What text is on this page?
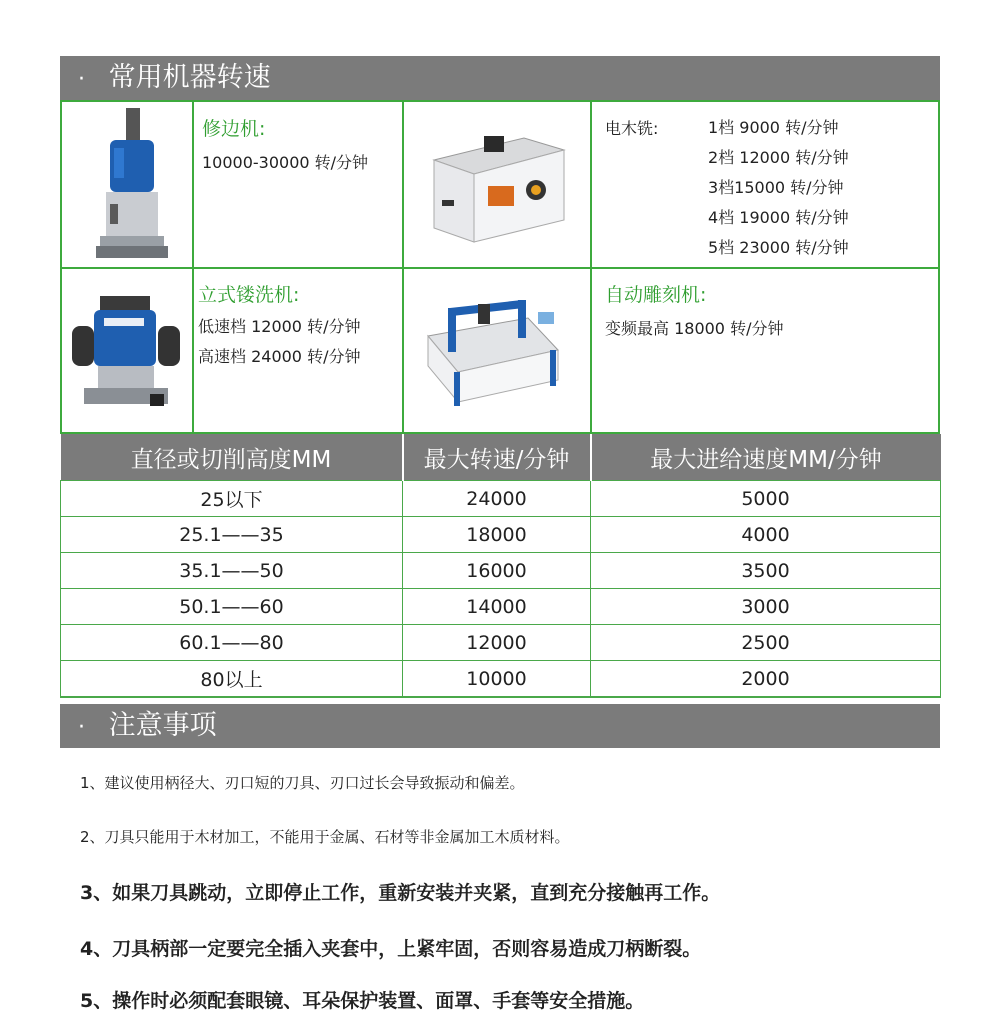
· 常用机器转速
修边机:
10000-30000 转/分钟
电木铣:	1档 9000 转/分钟
2档 12000 转/分钟
3档15000 转/分钟
4档 19000 转/分钟
5档 23000 转/分钟
立式镂洗机:
低速档 12000 转/分钟
高速档 24000 转/分钟
自动雕刻机:
变频最高 18000 转/分钟
直径或切削高度MM	最大转速/分钟	最大进给速度MM/分钟
25以下	24000	5000
25.1——35	18000	4000
35.1——50	16000	3500
50.1——60	14000	3000
60.1——80	12000	2500
80以上	10000	2000
· 注意事项
1、建议使用柄径大、刃口短的刀具、刃口过长会导致振动和偏差。
2、刀具只能用于木材加工，不能用于金属、石材等非金属加工木质材料。
3、如果刀具跳动，立即停止工作，重新安装并夹紧，直到充分接触再工作。
4、刀具柄部一定要完全插入夹套中，上紧牢固，否则容易造成刀柄断裂。
5、操作时必须配套眼镜、耳朵保护装置、面罩、手套等安全措施。
